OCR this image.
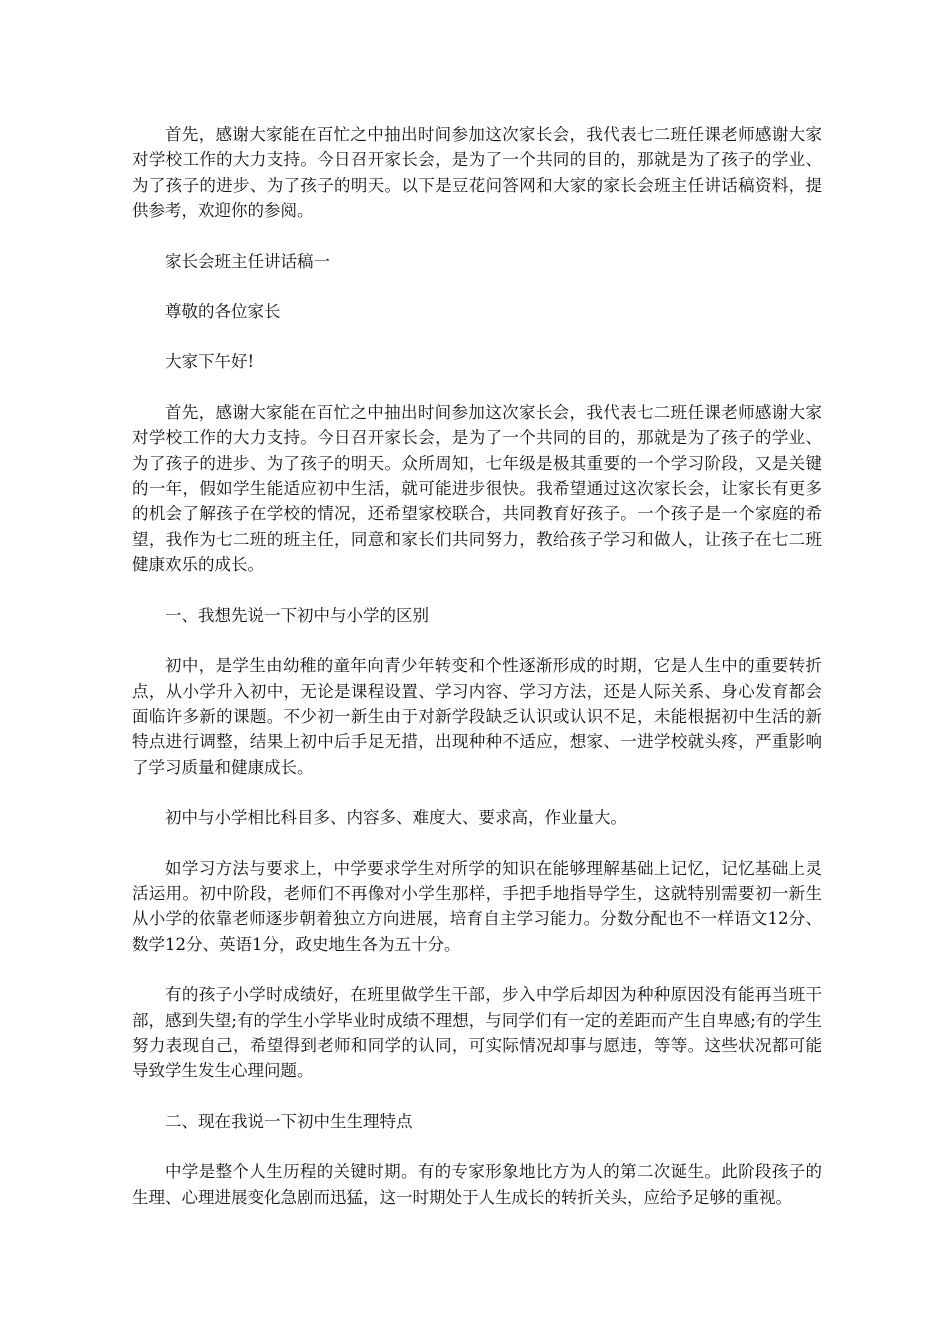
首先，感谢大家能在百忙之中抽出时间参加这次家长会，我代表七二班任课老师感谢大家对学校工作的大力支持。今日召开家长会，是为了一个共同的目的，那就是为了孩子的学业、为了孩子的进步、为了孩子的明天。以下是豆花问答网和大家的家长会班主任讲话稿资料，提供参考，欢迎你的参阅。

家长会班主任讲话稿一

尊敬的各位家长

大家下午好!

首先，感谢大家能在百忙之中抽出时间参加这次家长会，我代表七二班任课老师感谢大家对学校工作的大力支持。今日召开家长会，是为了一个共同的目的，那就是为了孩子的学业、为了孩子的进步、为了孩子的明天。众所周知，七年级是极其重要的一个学习阶段，又是关键的一年，假如学生能适应初中生活，就可能进步很快。我希望通过这次家长会，让家长有更多的机会了解孩子在学校的情况，还希望家校联合，共同教育好孩子。一个孩子是一个家庭的希望，我作为七二班的班主任，同意和家长们共同努力，教给孩子学习和做人，让孩子在七二班健康欢乐的成长。

一、我想先说一下初中与小学的区别

初中，是学生由幼稚的童年向青少年转变和个性逐渐形成的时期，它是人生中的重要转折点，从小学升入初中，无论是课程设置、学习内容、学习方法，还是人际关系、身心发育都会面临许多新的课题。不少初一新生由于对新学段缺乏认识或认识不足，未能根据初中生活的新特点进行调整，结果上初中后手足无措，出现种种不适应，想家、一进学校就头疼，严重影响了学习质量和健康成长。

初中与小学相比科目多、内容多、难度大、要求高，作业量大。

如学习方法与要求上，中学要求学生对所学的知识在能够理解基础上记忆，记忆基础上灵活运用。初中阶段，老师们不再像对小学生那样，手把手地指导学生，这就特别需要初一新生从小学的依靠老师逐步朝着独立方向进展，培育自主学习能力。分数分配也不一样语文12分、数学12分、英语1分，政史地生各为五十分。

有的孩子小学时成绩好，在班里做学生干部，步入中学后却因为种种原因没有能再当班干部，感到失望;有的学生小学毕业时成绩不理想，与同学们有一定的差距而产生自卑感;有的学生努力表现自己，希望得到老师和同学的认同，可实际情况却事与愿违，等等。这些状况都可能导致学生发生心理问题。

二、现在我说一下初中生生理特点

中学是整个人生历程的关键时期。有的专家形象地比方为人的第二次诞生。此阶段孩子的生理、心理进展变化急剧而迅猛，这一时期处于人生成长的转折关头，应给予足够的重视。
